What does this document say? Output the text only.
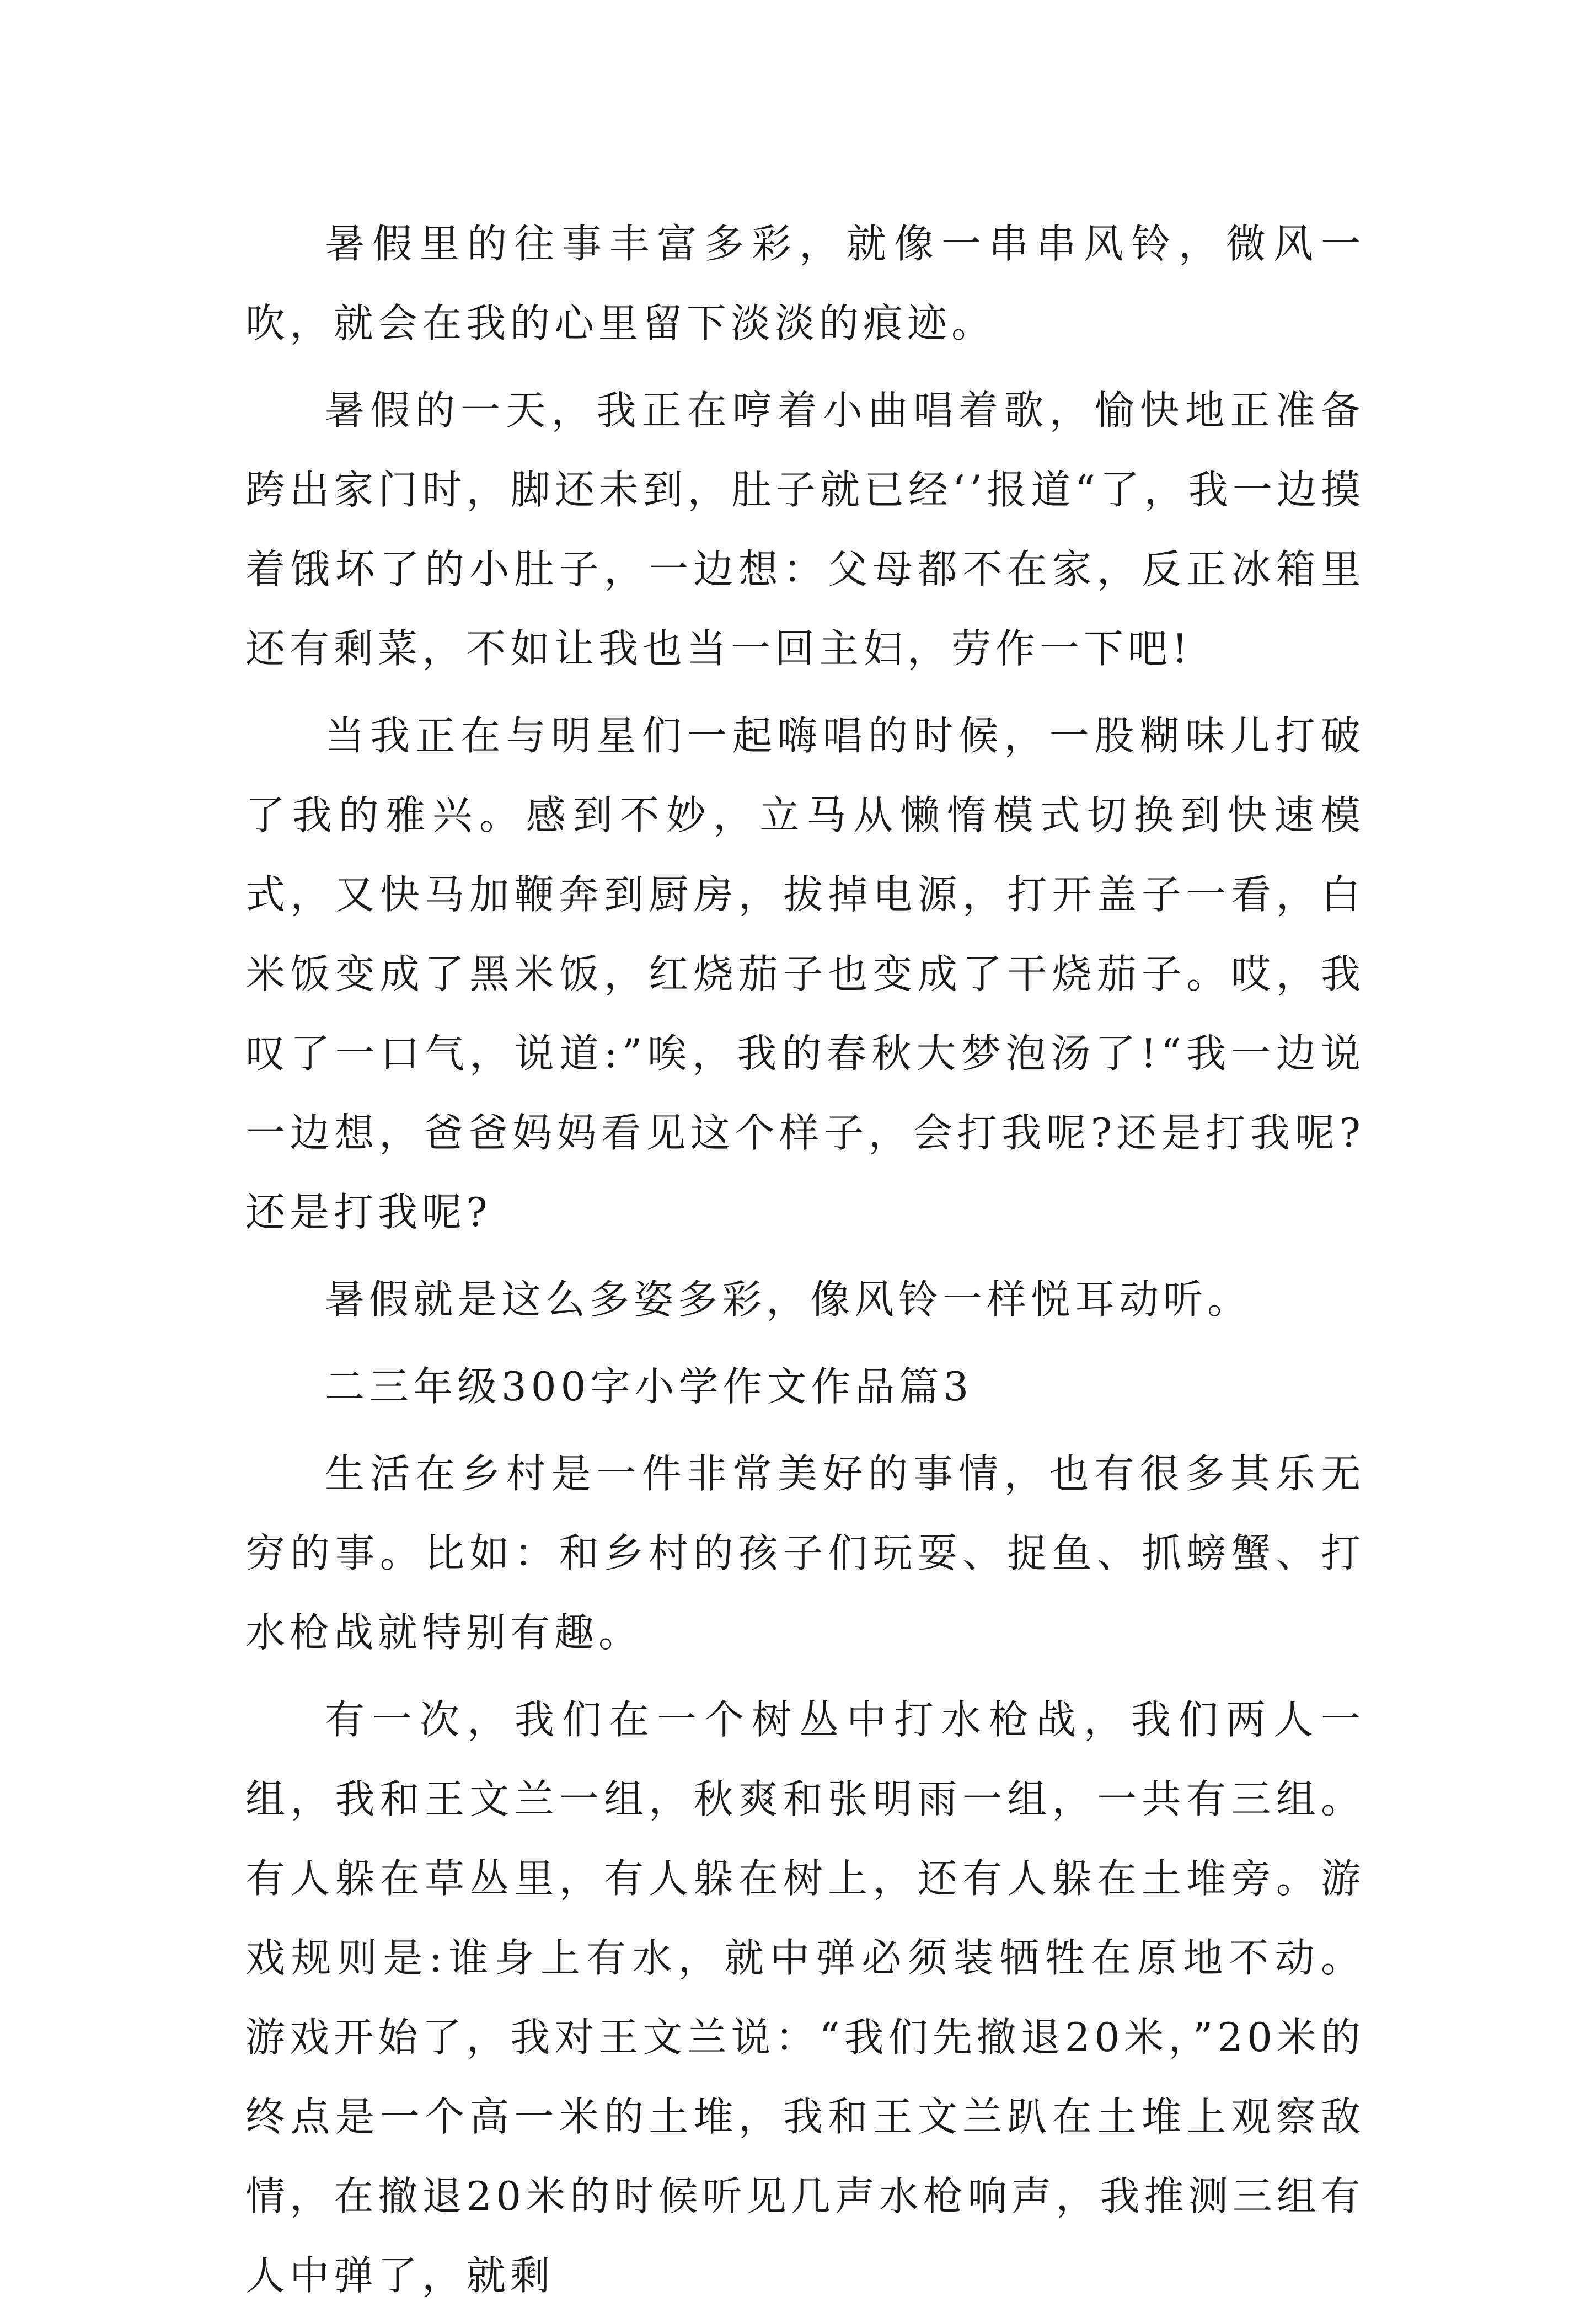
暑假里的往事丰富多彩，就像一串串风铃，微风一吹，就会在我的心里留下淡淡的痕迹。

暑假的一天，我正在哼着小曲唱着歌，愉快地正准备跨出家门时，脚还未到，肚子就已经‘’报道“了，我一边摸着饿坏了的小肚子，一边想：父母都不在家，反正冰箱里还有剩菜，不如让我也当一回主妇，劳作一下吧!

当我正在与明星们一起嗨唱的时候，一股糊味儿打破了我的雅兴。感到不妙，立马从懒惰模式切换到快速模式，又快马加鞭奔到厨房，拔掉电源，打开盖子一看，白米饭变成了黑米饭，红烧茄子也变成了干烧茄子。哎，我叹了一口气，说道:”唉，我的春秋大梦泡汤了!“我一边说一边想，爸爸妈妈看见这个样子，会打我呢?还是打我呢?还是打我呢?

暑假就是这么多姿多彩，像风铃一样悦耳动听。

二三年级300字小学作文作品篇3

生活在乡村是一件非常美好的事情，也有很多其乐无穷的事。比如：和乡村的孩子们玩耍、捉鱼、抓螃蟹、打水枪战就特别有趣。

有一次，我们在一个树丛中打水枪战，我们两人一组，我和王文兰一组，秋爽和张明雨一组，一共有三组。有人躲在草丛里，有人躲在树上，还有人躲在土堆旁。游戏规则是:谁身上有水，就中弹必须装牺牲在原地不动。游戏开始了，我对王文兰说：“我们先撤退20米，”20米的终点是一个高一米的土堆，我和王文兰趴在土堆上观察敌情，在撤退20米的时候听见几声水枪响声，我推测三组有人中弹了，就剩
